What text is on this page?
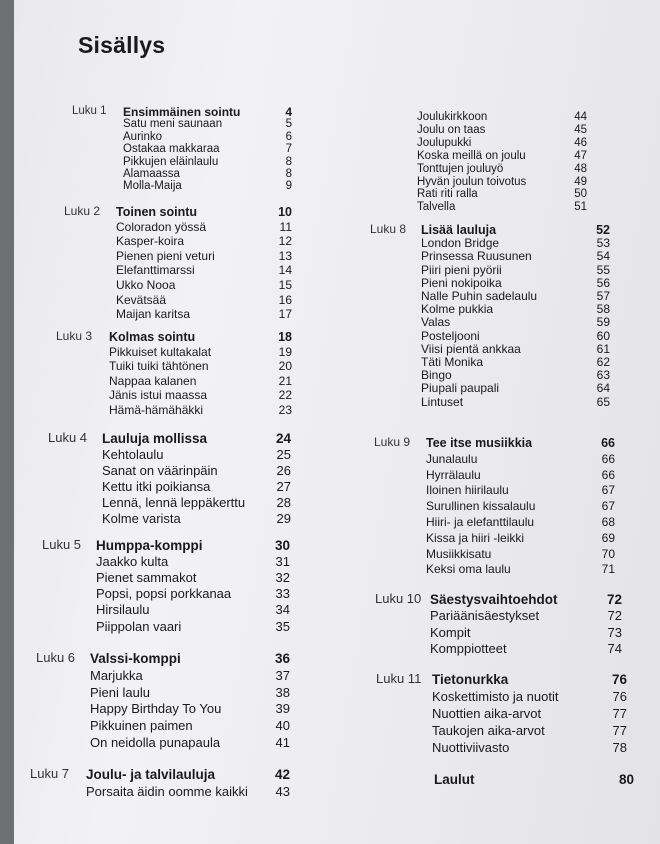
Sisällys
Luku 1 Ensimmäinen sointu	4
Satu meni saunaan	5
Aurinko	6
Ostakaa makkaraa	7
Pikkujen eläinlaulu	8
Alamaassa	8
Molla-Maija	9
Luku 2 Toinen sointu	10
Coloradon yössä	11
Kasper-koira	12
Pienen pieni veturi	13
Elefanttimarssi	14
Ukko Nooa	15
Kevätsää	16
Maijan karitsa	17
Luku 3 Kolmas sointu	18
Pikkuiset kultakalat	19
Tuiki tuiki tähtönen	20
Nappaa kalanen	21
Jänis istui maassa	22
Hämä-hämähäkki	23
Luku 4 Lauluja mollissa	24
Kehtolaulu	25
Sanat on väärinpäin	26
Kettu itki poikiansa	27
Lennä, lennä leppäkerttu	28
Kolme varista	29
Luku 5 Humppa-komppi	30
Jaakko kulta	31
Pienet sammakot	32
Popsi, popsi porkkanaa	33
Hirsilaulu	34
Piippolan vaari	35
Luku 6 Valssi-komppi	36
Marjukka	37
Pieni laulu	38
Happy Birthday To You	39
Pikkuinen paimen	40
On neidolla punapaula	41
Luku 7 Joulu- ja talvilauluja	42
Porsaita äidin oomme kaikki	43
Joulukirkkoon	44
Joulu on taas	45
Joulupukki	46
Koska meillä on joulu	47
Tonttujen jouluyö	48
Hyvän joulun toivotus	49
Rati riti ralla	50
Talvella	51
Luku 8 Lisää lauluja	52
London Bridge	53
Prinsessa Ruusunen	54
Piiri pieni pyörii	55
Pieni nokipoika	56
Nalle Puhin sadelaulu	57
Kolme pukkia	58
Valas	59
Posteljooni	60
Viisi pientä ankkaa	61
Täti Monika	62
Bingo	63
Piupali paupali	64
Lintuset	65
Luku 9 Tee itse musiikkia	66
Junalaulu	66
Hyrrälaulu	66
Iloinen hiirilaulu	67
Surullinen kissalaulu	67
Hiiri- ja elefanttilaulu	68
Kissa ja hiiri -leikki	69
Musiikkisatu	70
Keksi oma laulu	71
Luku 10 Säestysvaihtoehdot	72
Pariäänisäestykset	72
Kompit	73
Komppiotteet	74
Luku 11 Tietonurkka	76
Koskettimisto ja nuotit	76
Nuottien aika-arvot	77
Taukojen aika-arvot	77
Nuottiviivasto	78
Laulut	80
